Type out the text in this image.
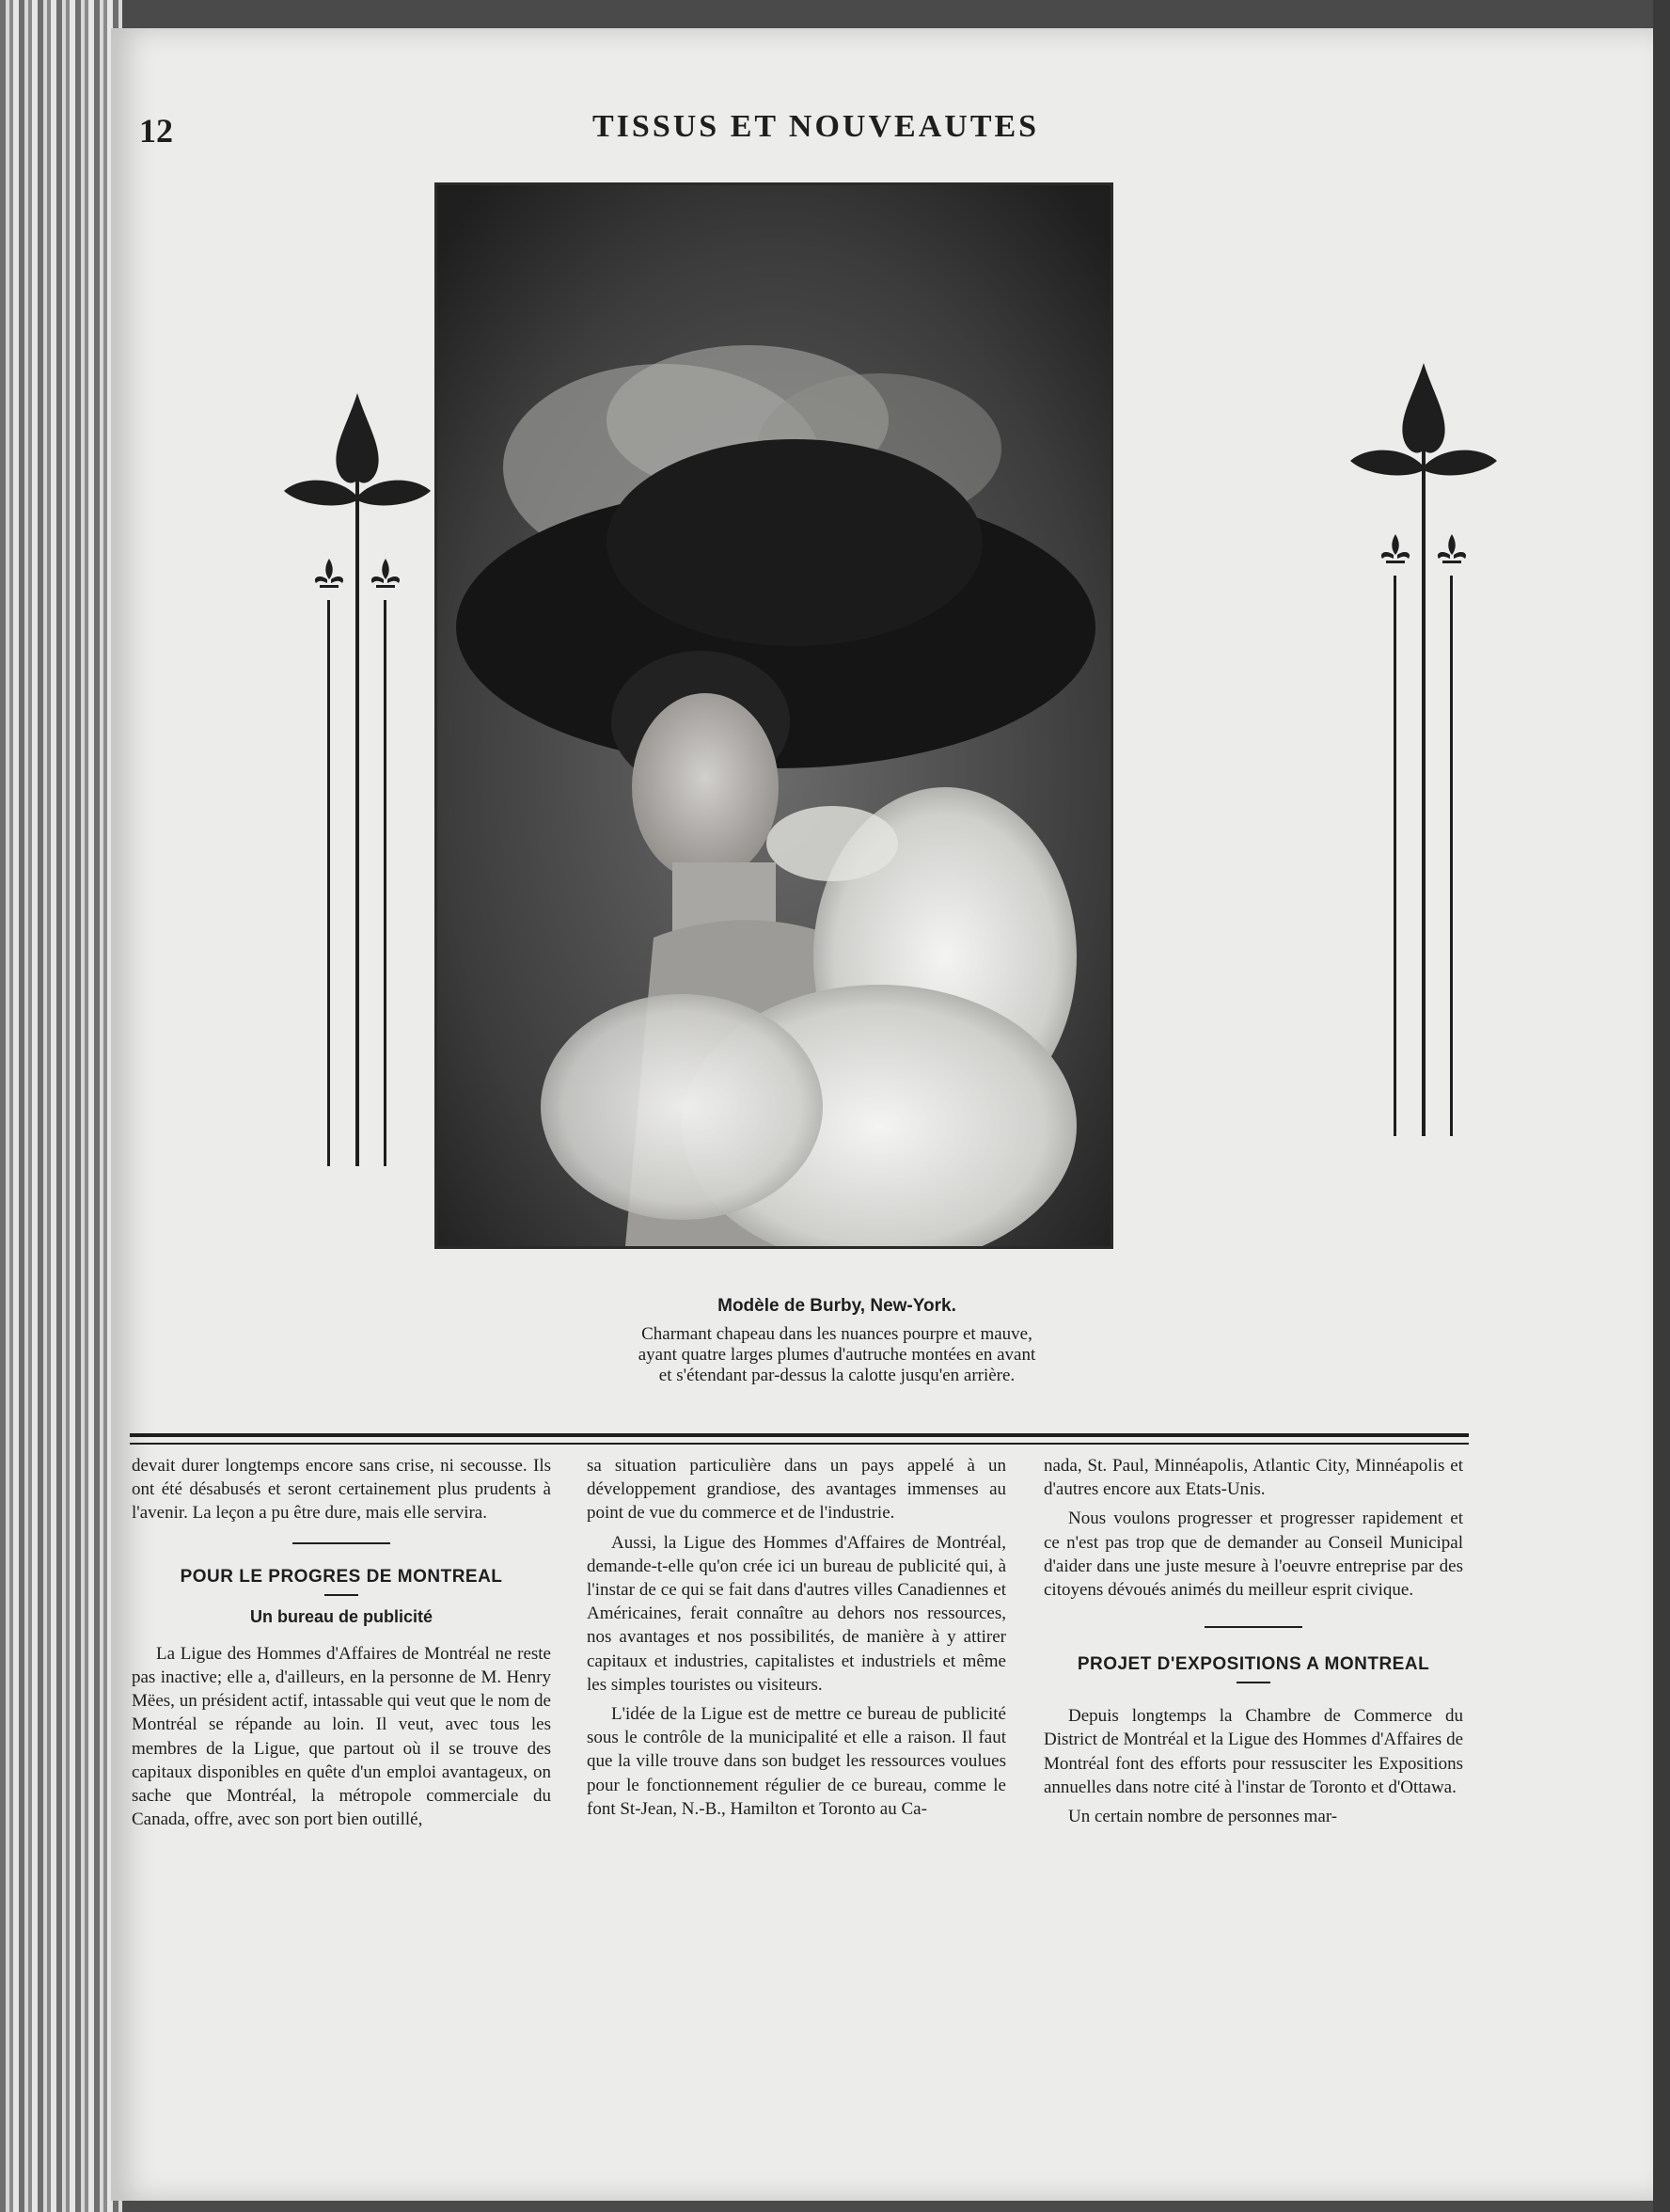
12	TISSUS ET NOUVEAUTES
Modèle de Burby, New-York.
Charmant chapeau dans les nuances pourpre et mauve,
ayant quatre larges plumes d'autruche montées en avant
et s'étendant par-dessus la calotte jusqu'en arrière.

devait durer longtemps encore sans crise, ni secousse. Ils ont été désabusés et seront certainement plus prudents à l'avenir. La leçon a pu être dure, mais elle servira.

POUR LE PROGRES DE MONTREAL
Un bureau de publicité

La Ligue des Hommes d'Affaires de Montréal ne reste pas inactive; elle a, d'ailleurs, en la personne de M. Henry Mëes, un président actif, intassable qui veut que le nom de Montréal se répande au loin. Il veut, avec tous les membres de la Ligue, que partout où il se trouve des capitaux disponibles en quête d'un emploi avantageux, on sache que Montréal, la métropole commerciale du Canada, offre, avec son port bien outillé,

sa situation particulière dans un pays appelé à un développement grandiose, des avantages immenses au point de vue du commerce et de l'industrie.

Aussi, la Ligue des Hommes d'Affaires de Montréal, demande-t-elle qu'on crée ici un bureau de publicité qui, à l'instar de ce qui se fait dans d'autres villes Canadiennes et Américaines, ferait connaître au dehors nos ressources, nos avantages et nos possibilités, de manière à y attirer capitaux et industries, capitalistes et industriels et même les simples touristes ou visiteurs.

L'idée de la Ligue est de mettre ce bureau de publicité sous le contrôle de la municipalité et elle a raison. Il faut que la ville trouve dans son budget les ressources voulues pour le fonctionnement régulier de ce bureau, comme le font St-Jean, N.-B., Hamilton et Toronto au Ca-

nada, St. Paul, Minnéapolis, Atlantic City, Minnéapolis et d'autres encore aux Etats-Unis.

Nous voulons progresser et progresser rapidement et ce n'est pas trop que de demander au Conseil Municipal d'aider dans une juste mesure à l'oeuvre entreprise par des citoyens dévoués animés du meilleur esprit civique.

PROJET D'EXPOSITIONS A MONTREAL

Depuis longtemps la Chambre de Commerce du District de Montréal et la Ligue des Hommes d'Affaires de Montréal font des efforts pour ressusciter les Expositions annuelles dans notre cité à l'instar de Toronto et d'Ottawa.

Un certain nombre de personnes mar-
